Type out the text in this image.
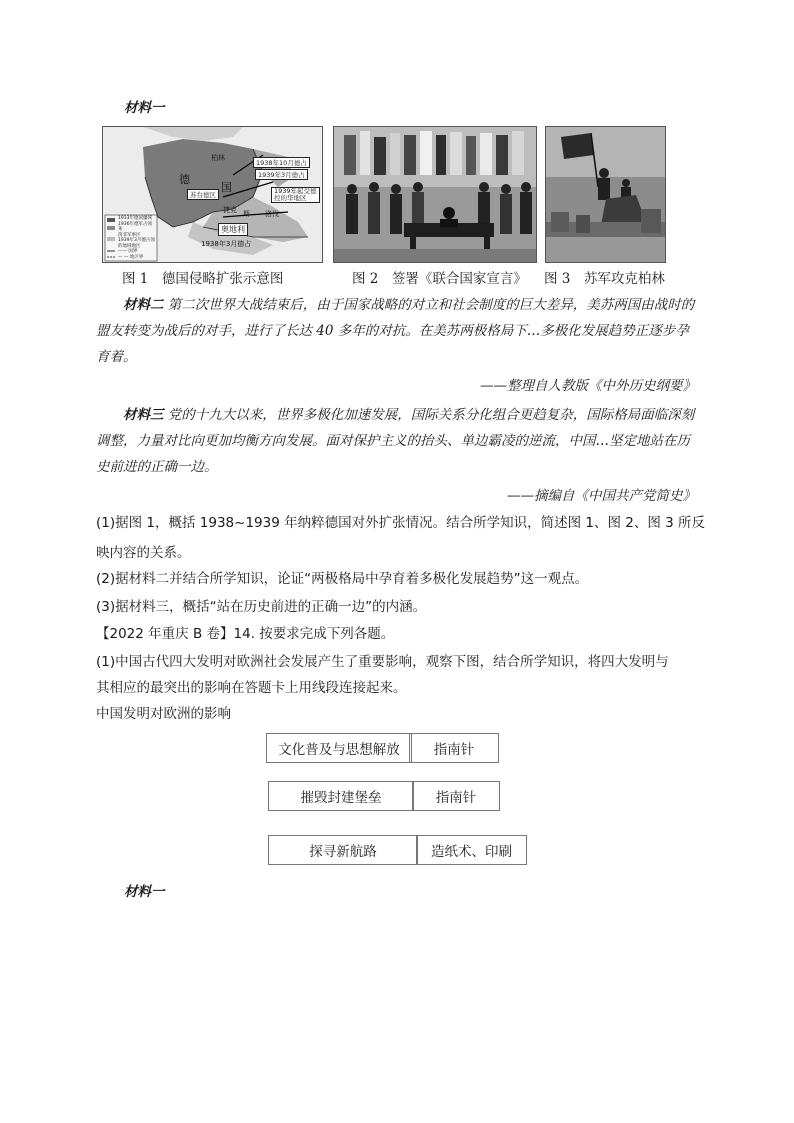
材料一
柏林
德
国
苏台德区
捷克 斯 洛伐
奥地利
1938年10月德占
1939年3月德占
1939年起受德
控的华地区
1938年3月德占
1933年德国疆域
1936年德军占领莱
茵非军事区
1939年3月德占领
的地域地区
—— 国界
— — 地区界
图 1　德国侵略扩张示意图	图 2　签署《联合国家宣言》 图 3　苏军攻克柏林
材料二 第二次世界大战结束后，由于国家战略的对立和社会制度的巨大差异，美苏两国由战时的盟友转变为战后的对手，进行了长达 40 多年的对抗。在美苏两极格局下…多极化发展趋势正逐步孕育着。
——整理自人教版《中外历史纲要》
材料三 党的十九大以来，世界多极化加速发展，国际关系分化组合更趋复杂，国际格局面临深刻调整，力量对比向更加均衡方向发展。面对保护主义的抬头、单边霸凌的逆流，中国…坚定地站在历史前进的正确一边。
——摘编自《中国共产党简史》
(1)据图 1，概括 1938~1939 年纳粹德国对外扩张情况。结合所学知识，简述图 1、图 2、图 3 所反
映内容的关系。
(2)据材料二并结合所学知识，论证“两极格局中孕育着多极化发展趋势”这一观点。
(3)据材料三，概括“站在历史前进的正确一边”的内涵。
【2022 年重庆 B 卷】14. 按要求完成下列各题。
(1)中国古代四大发明对欧洲社会发展产生了重要影响，观察下图，结合所学知识，将四大发明与
其相应的最突出的影响在答题卡上用线段连接起来。
中国发明对欧洲的影响
文化普及与思想解放	指南针
摧毁封建堡垒	指南针
探寻新航路	造纸术、印刷
材料一
